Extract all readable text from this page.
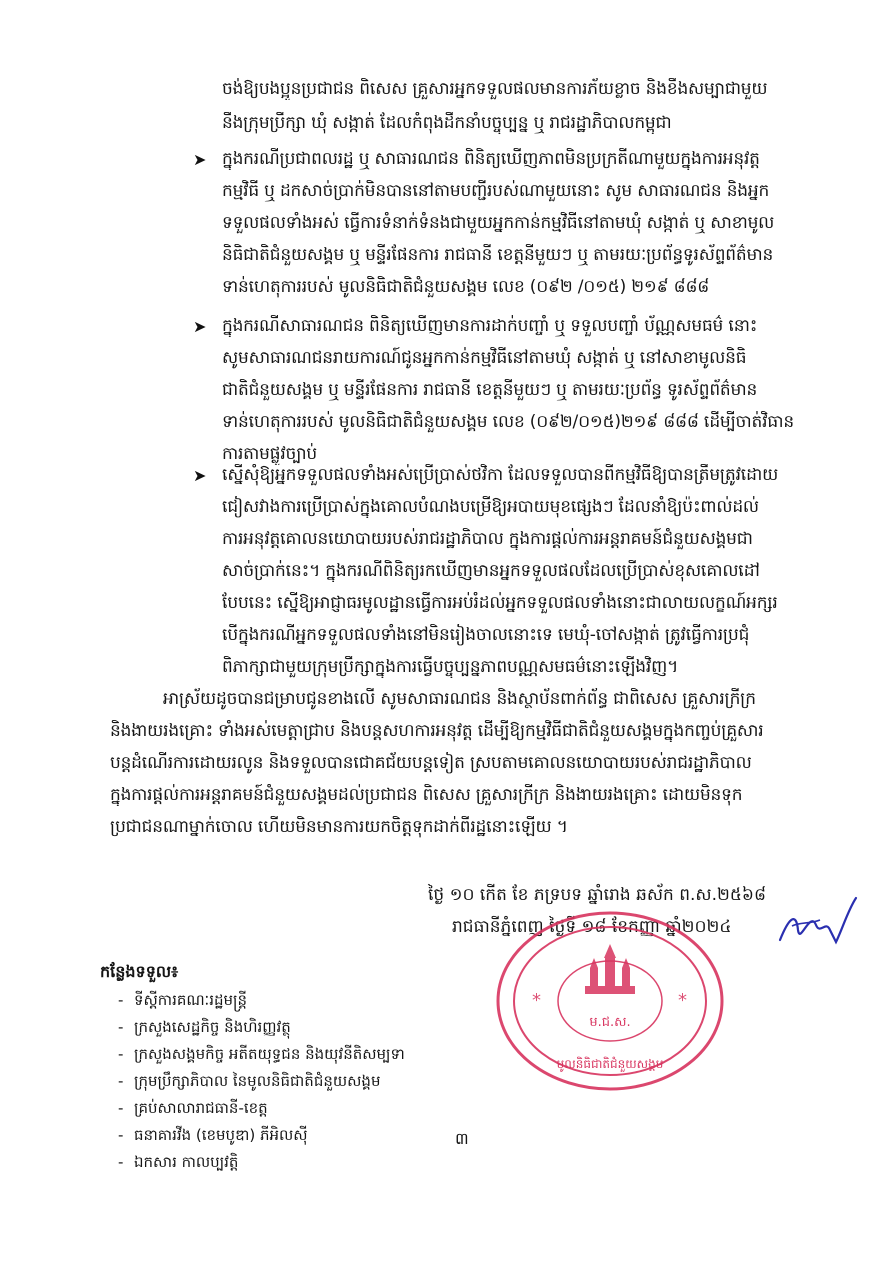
ចង់ឱ្យបងប្អូនប្រជាជន ពិសេស គ្រួសារអ្នកទទួលផលមានការភ័យខ្លាច និងខឹងសម្បាជាមួយ
នឹងក្រុមប្រឹក្សា ឃុំ សង្កាត់ ដែលកំពុងដឹកនាំបច្ចុប្បន្ន ឬ រាជរដ្ឋាភិបាលកម្ពុជា
➤ ក្នុងករណីប្រជាពលរដ្ឋ ឬ សាធារណជន ពិនិត្យឃើញភាពមិនប្រក្រតីណាមួយក្នុងការអនុវត្ត
កម្មវិធី ឬ ដកសាច់ប្រាក់មិនបាននៅតាមបញ្ជីរបស់ណាមួយនោះ សូម សាធារណជន និងអ្នក
ទទួលផលទាំងអស់ ធ្វើការទំនាក់ទំនងជាមួយអ្នកកាន់កម្មវិធីនៅតាមឃុំ សង្កាត់ ឬ សាខាមូល
និធិជាតិជំនួយសង្គម ឬ មន្ទីរផែនការ រាជធានី ខេត្តនីមួយៗ ឬ តាមរយៈប្រព័ន្ធទូរស័ព្ទព័ត៌មាន
ទាន់ហេតុការរបស់ មូលនិធិជាតិជំនួយសង្គម លេខ (០៩២ /០១៥) ២១៩ ៨៨៨
➤ ក្នុងករណីសាធារណជន ពិនិត្យឃើញមានការដាក់បញ្ចាំ ឬ ទទួលបញ្ចាំ ប័ណ្ណសមធម៌ នោះ
សូមសាធារណជនរាយការណ៍ជូនអ្នកកាន់កម្មវិធីនៅតាមឃុំ សង្កាត់ ឬ នៅសាខាមូលនិធិ
ជាតិជំនួយសង្គម ឬ មន្ទីរផែនការ រាជធានី ខេត្តនីមួយៗ ឬ តាមរយៈប្រព័ន្ធ ទូរស័ព្ទព័ត៌មាន
ទាន់ហេតុការរបស់ មូលនិធិជាតិជំនួយសង្គម លេខ (០៩២/០១៥)២១៩ ៨៨៨ ដើម្បីចាត់វិធាន
ការតាមផ្លូវច្បាប់
➤ ស្នើសុំឱ្យអ្នកទទួលផលទាំងអស់ប្រើប្រាស់ថវិកា ដែលទទួលបានពីកម្មវិធីឱ្យបានត្រឹមត្រូវដោយ
ជៀសវាងការប្រើប្រាស់ក្នុងគោលបំណងបម្រើឱ្យអបាយមុខផ្សេងៗ ដែលនាំឱ្យប៉ះពាល់ដល់
ការអនុវត្តគោលនយោបាយរបស់រាជរដ្ឋាភិបាល ក្នុងការផ្តល់ការអន្តរាគមន៍ជំនួយសង្គមជា
សាច់ប្រាក់នេះ។ ក្នុងករណីពិនិត្យរកឃើញមានអ្នកទទួលផលដែលប្រើប្រាស់ខុសគោលដៅ
បែបនេះ ស្នើឱ្យអាជ្ញាធរមូលដ្ឋានធ្វើការអប់រំដល់អ្នកទទួលផលទាំងនោះជាលាយលក្ខណ៍អក្សរ
បើក្នុងករណីអ្នកទទួលផលទាំងនៅមិនរៀងចាលនោះទេ មេឃុំ-ចៅសង្កាត់ ត្រូវធ្វើការប្រជុំ
ពិភាក្សាជាមួយក្រុមប្រឹក្សាក្នុងការធ្វើបច្ចុប្បន្នភាពបណ្ណសមធម៌នោះឡើងវិញ។
អាស្រ័យដូចបានជម្រាបជូនខាងលើ សូមសាធារណជន និងស្ថាប័នពាក់ព័ន្ធ ជាពិសេស គ្រួសារក្រីក្រ
និងងាយរងគ្រោះ ទាំងអស់មេត្តាជ្រាប និងបន្តសហការអនុវត្ត ដើម្បីឱ្យកម្មវិធីជាតិជំនួយសង្គមក្នុងកញ្ចប់គ្រួសារ
បន្តដំណើរការដោយរលូន និងទទួលបានជោគជ័យបន្តទៀត ស្របតាមគោលនយោបាយរបស់រាជរដ្ឋាភិបាល
ក្នុងការផ្តល់ការអន្តរាគមន៍ជំនួយសង្គមដល់ប្រជាជន ពិសេស គ្រួសារក្រីក្រ និងងាយរងគ្រោះ ដោយមិនទុក
ប្រជាជនណាម្នាក់ចោល ហើយមិនមានការយកចិត្តទុកដាក់ពីរដ្ឋនោះឡើយ ។
ថ្ងៃ ១០ កើត ខែ ភទ្របទ ឆ្នាំរោង ឆស័ក ព.ស.២៥៦៨
រាជធានីភ្នំពេញ ថ្ងៃទី ១៨ ខែកញ្ញា ឆ្នាំ២០២៤
*	*
ម.ជ.ស.
មូលនិធិជាតិជំនួយសង្គម
កន្លែងទទួល៖
- ទីស្តីការគណៈរដ្ឋមន្ត្រី
- ក្រសួងសេដ្ឋកិច្ច និងហិរញ្ញវត្ថុ
- ក្រសួងសង្គមកិច្ច អតីតយុទ្ធជន និងយុវនីតិសម្បទា
- ក្រុមប្រឹក្សាភិបាល នៃមូលនិធិជាតិជំនួយសង្គម
- គ្រប់សាលារាជធានី-ខេត្ត
- ធនាគារវីង (ខេមបូឌា) ភីអិលស៊ី
- ឯកសារ កាលប្បវត្តិ
៣
